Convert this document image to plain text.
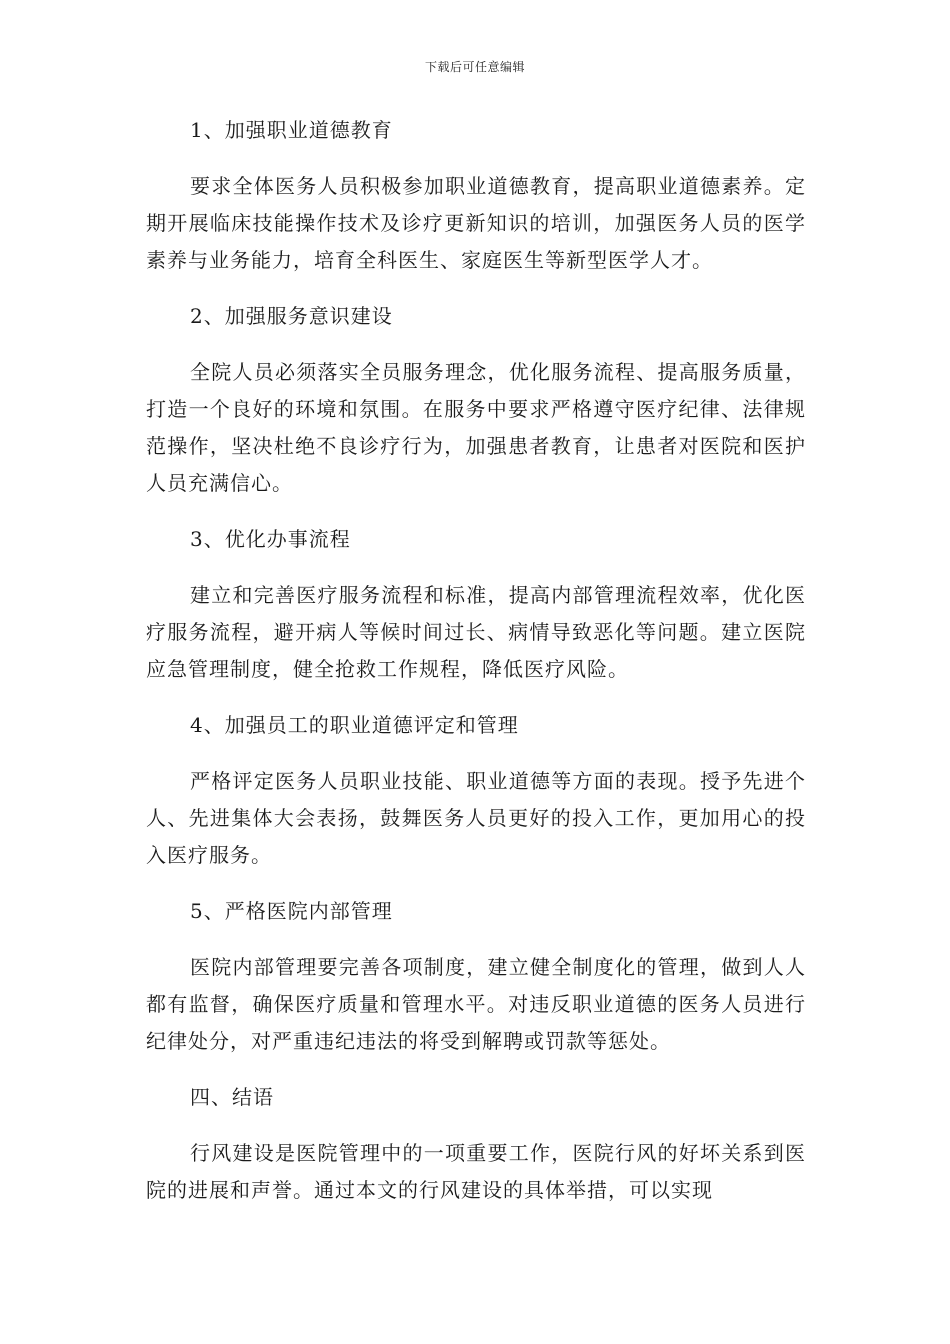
下载后可任意编辑

1、加强职业道德教育

要求全体医务人员积极参加职业道德教育，提高职业道德素养。定期开展临床技能操作技术及诊疗更新知识的培训，加强医务人员的医学素养与业务能力，培育全科医生、家庭医生等新型医学人才。

2、加强服务意识建设

全院人员必须落实全员服务理念，优化服务流程、提高服务质量，打造一个良好的环境和氛围。在服务中要求严格遵守医疗纪律、法律规范操作，坚决杜绝不良诊疗行为，加强患者教育，让患者对医院和医护人员充满信心。

3、优化办事流程

建立和完善医疗服务流程和标准，提高内部管理流程效率，优化医疗服务流程，避开病人等候时间过长、病情导致恶化等问题。建立医院应急管理制度，健全抢救工作规程，降低医疗风险。

4、加强员工的职业道德评定和管理

严格评定医务人员职业技能、职业道德等方面的表现。授予先进个人、先进集体大会表扬，鼓舞医务人员更好的投入工作，更加用心的投入医疗服务。

5、严格医院内部管理

医院内部管理要完善各项制度，建立健全制度化的管理，做到人人都有监督，确保医疗质量和管理水平。对违反职业道德的医务人员进行纪律处分，对严重违纪违法的将受到解聘或罚款等惩处。

四、结语

行风建设是医院管理中的一项重要工作，医院行风的好坏关系到医院的进展和声誉。通过本文的行风建设的具体举措，可以实现
